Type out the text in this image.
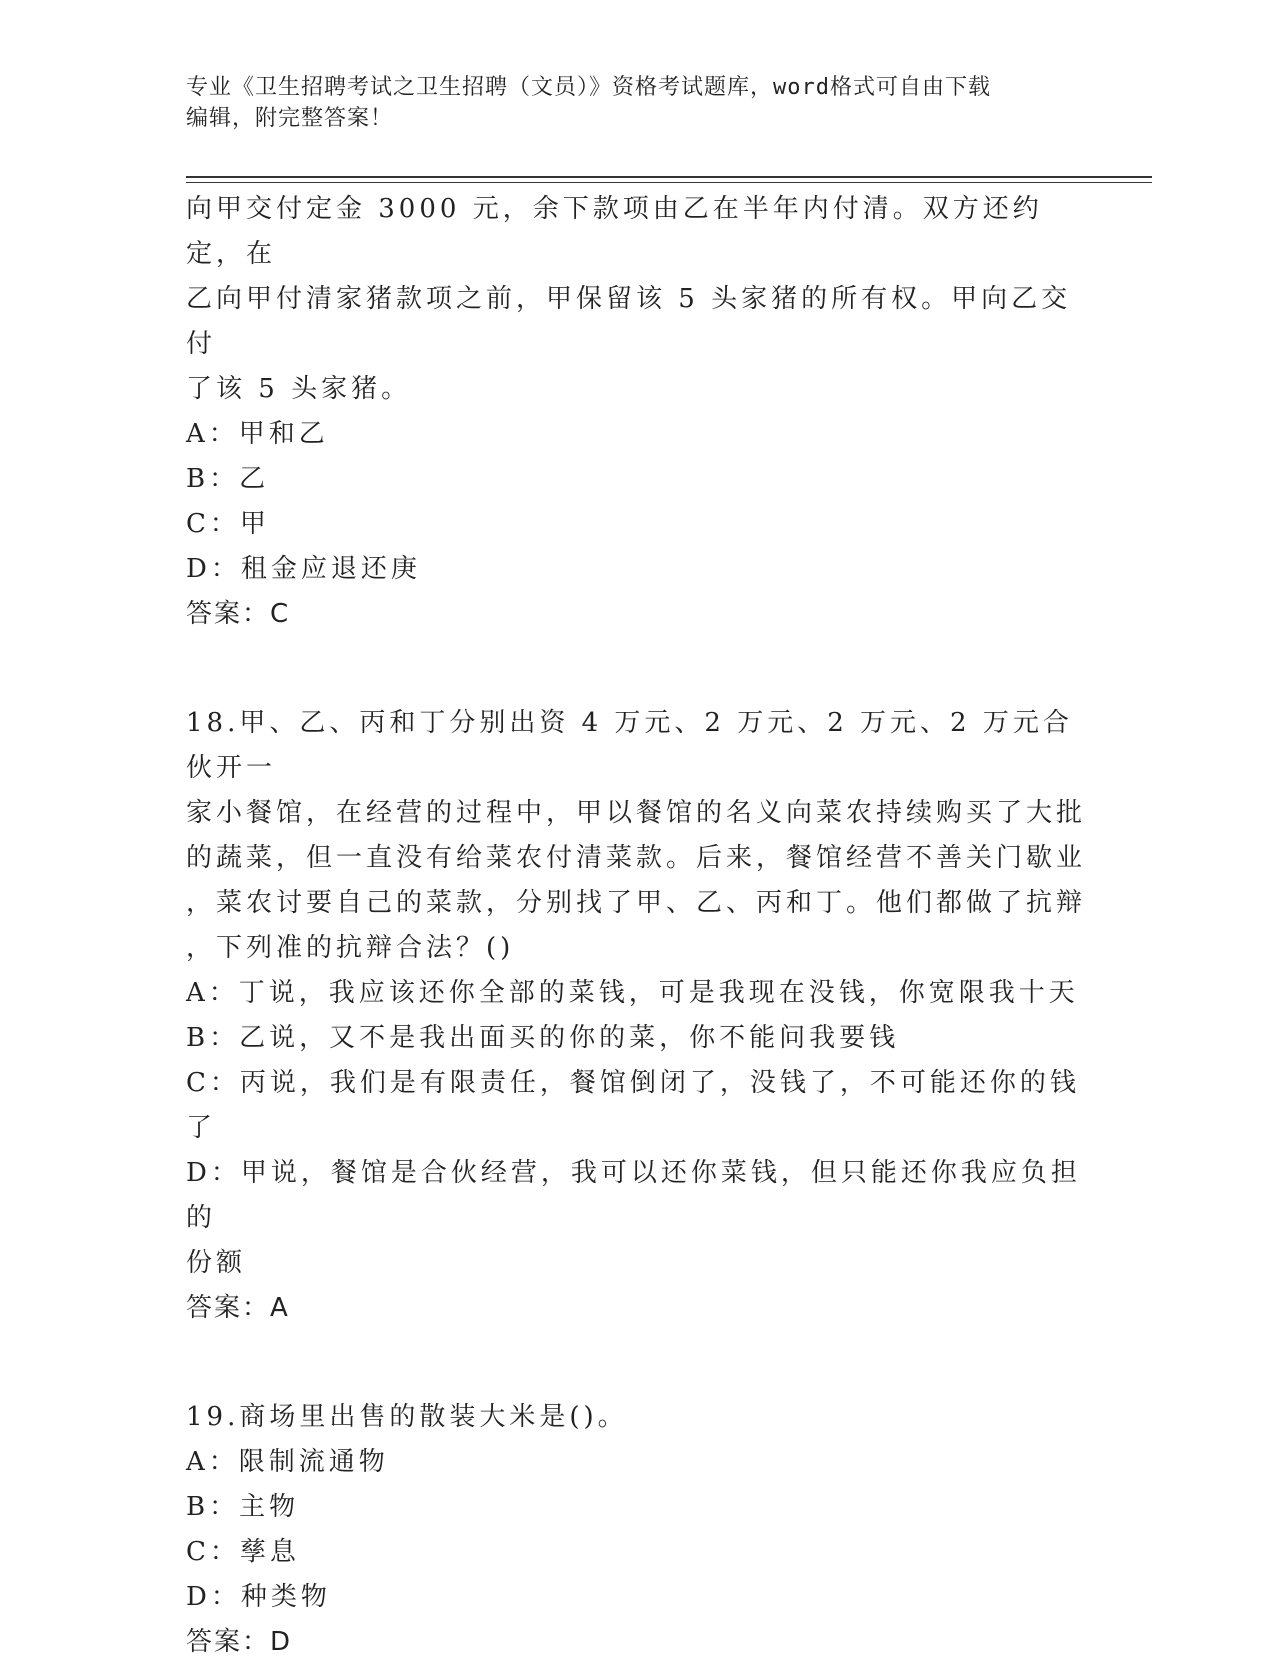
专业《卫生招聘考试之卫生招聘（文员）》资格考试题库，word格式可自由下载
编辑，附完整答案！
向甲交付定金 3000 元，余下款项由乙在半年内付清。双方还约定，在
乙向甲付清家猪款项之前，甲保留该 5 头家猪的所有权。甲向乙交付
了该 5 头家猪。
A：甲和乙
B：乙
C：甲
D：租金应退还庚
答案：C
18.甲、乙、丙和丁分别出资 4 万元、2 万元、2 万元、2 万元合伙开一
家小餐馆，在经营的过程中，甲以餐馆的名义向菜农持续购买了大批
的蔬菜，但一直没有给菜农付清菜款。后来，餐馆经营不善关门歇业
，菜农讨要自己的菜款，分别找了甲、乙、丙和丁。他们都做了抗辩
，下列准的抗辩合法？()
A：丁说，我应该还你全部的菜钱，可是我现在没钱，你宽限我十天
B：乙说，又不是我出面买的你的菜，你不能问我要钱
C：丙说，我们是有限责任，餐馆倒闭了，没钱了，不可能还你的钱了
D：甲说，餐馆是合伙经营，我可以还你菜钱，但只能还你我应负担的
份额
答案：A
19.商场里出售的散装大米是()。
A：限制流通物
B：主物
C：孳息
D：种类物
答案：D
